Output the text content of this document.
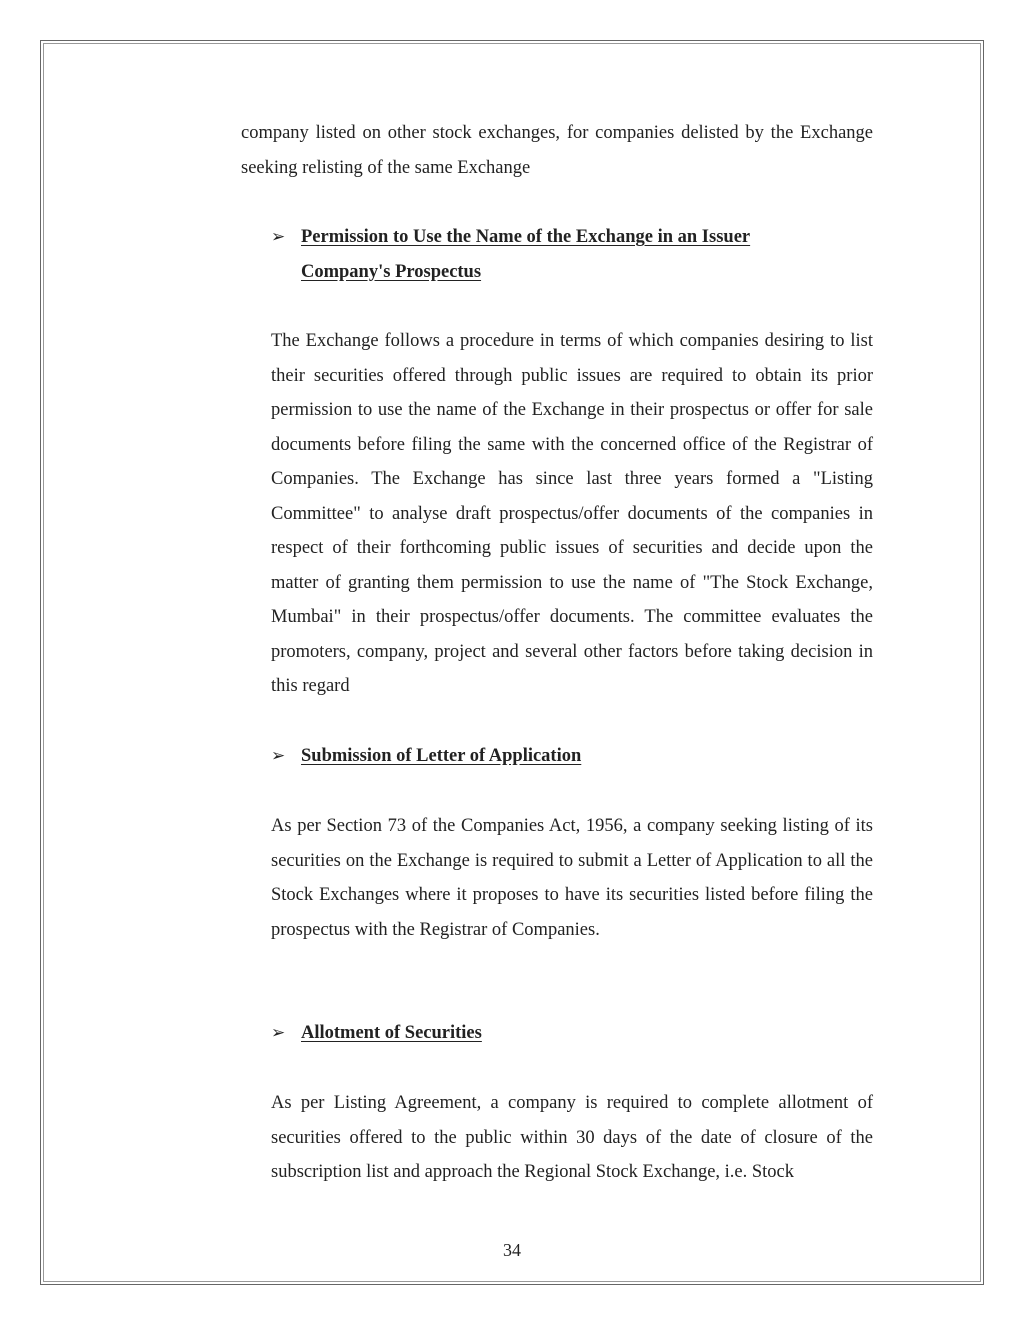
company listed on other stock exchanges, for companies delisted by the Exchange seeking relisting of the same Exchange
➢ Permission to Use the Name of the Exchange in an Issuer Company's Prospectus
The Exchange follows a procedure in terms of which companies desiring to list their securities offered through public issues are required to obtain its prior permission to use the name of the Exchange in their prospectus or offer for sale documents before filing the same with the concerned office of the Registrar of Companies. The Exchange has since last three years formed a "Listing Committee" to analyse draft prospectus/offer documents of the companies in respect of their forthcoming public issues of securities and decide upon the matter of granting them permission to use the name of "The Stock Exchange, Mumbai" in their prospectus/offer documents. The committee evaluates the promoters, company, project and several other factors before taking decision in this regard
➢ Submission of Letter of Application
As per Section 73 of the Companies Act, 1956, a company seeking listing of its securities on the Exchange is required to submit a Letter of Application to all the Stock Exchanges where it proposes to have its securities listed before filing the prospectus with the Registrar of Companies.
➢ Allotment of Securities
As per Listing Agreement, a company is required to complete allotment of securities offered to the public within 30 days of the date of closure of the subscription list and approach the Regional Stock Exchange, i.e. Stock
34
